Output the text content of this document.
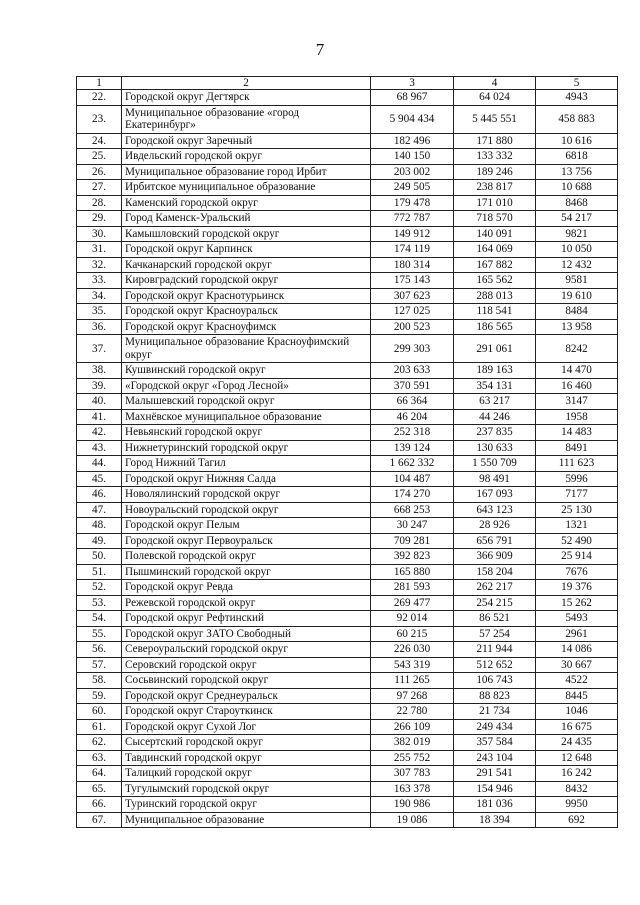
7
1	2	3	4	5
22.	Городской округ Дегтярск	68 967	64 024	4943
23.	Муниципальное образование «город Екатеринбург»	5 904 434	5 445 551	458 883
24.	Городской округ Заречный	182 496	171 880	10 616
25.	Ивдельский городской округ	140 150	133 332	6818
26.	Муниципальное образование город Ирбит	203 002	189 246	13 756
27.	Ирбитское муниципальное образование	249 505	238 817	10 688
28.	Каменский городской округ	179 478	171 010	8468
29.	Город Каменск-Уральский	772 787	718 570	54 217
30.	Камышловский городской округ	149 912	140 091	9821
31.	Городской округ Карпинск	174 119	164 069	10 050
32.	Качканарский городской округ	180 314	167 882	12 432
33.	Кировградский городской округ	175 143	165 562	9581
34.	Городской округ Краснотурьинск	307 623	288 013	19 610
35.	Городской округ Красноуральск	127 025	118 541	8484
36.	Городской округ Красноуфимск	200 523	186 565	13 958
37.	Муниципальное образование Красноуфимский округ	299 303	291 061	8242
38.	Кушвинский городской округ	203 633	189 163	14 470
39.	«Городской округ «Город Лесной»	370 591	354 131	16 460
40.	Малышевский городской округ	66 364	63 217	3147
41.	Махнёвское муниципальное образование	46 204	44 246	1958
42.	Невьянский городской округ	252 318	237 835	14 483
43.	Нижнетуринский городской округ	139 124	130 633	8491
44.	Город Нижний Тагил	1 662 332	1 550 709	111 623
45.	Городской округ Нижняя Салда	104 487	98 491	5996
46.	Новолялинский городской округ	174 270	167 093	7177
47.	Новоуральский городской округ	668 253	643 123	25 130
48.	Городской округ Пелым	30 247	28 926	1321
49.	Городской округ Первоуральск	709 281	656 791	52 490
50.	Полевской городской округ	392 823	366 909	25 914
51.	Пышминский городской округ	165 880	158 204	7676
52.	Городской округ Ревда	281 593	262 217	19 376
53.	Режевской городской округ	269 477	254 215	15 262
54.	Городской округ Рефтинский	92 014	86 521	5493
55.	Городской округ ЗАТО Свободный	60 215	57 254	2961
56.	Североуральский городской округ	226 030	211 944	14 086
57.	Серовский городской округ	543 319	512 652	30 667
58.	Сосьвинский городской округ	111 265	106 743	4522
59.	Городской округ Среднеуральск	97 268	88 823	8445
60.	Городской округ Староуткинск	22 780	21 734	1046
61.	Городской округ Сухой Лог	266 109	249 434	16 675
62.	Сысертский городской округ	382 019	357 584	24 435
63.	Тавдинский городской округ	255 752	243 104	12 648
64.	Талицкий городской округ	307 783	291 541	16 242
65.	Тугулымский городской округ	163 378	154 946	8432
66.	Туринский городской округ	190 986	181 036	9950
67.	Муниципальное образование	19 086	18 394	692
